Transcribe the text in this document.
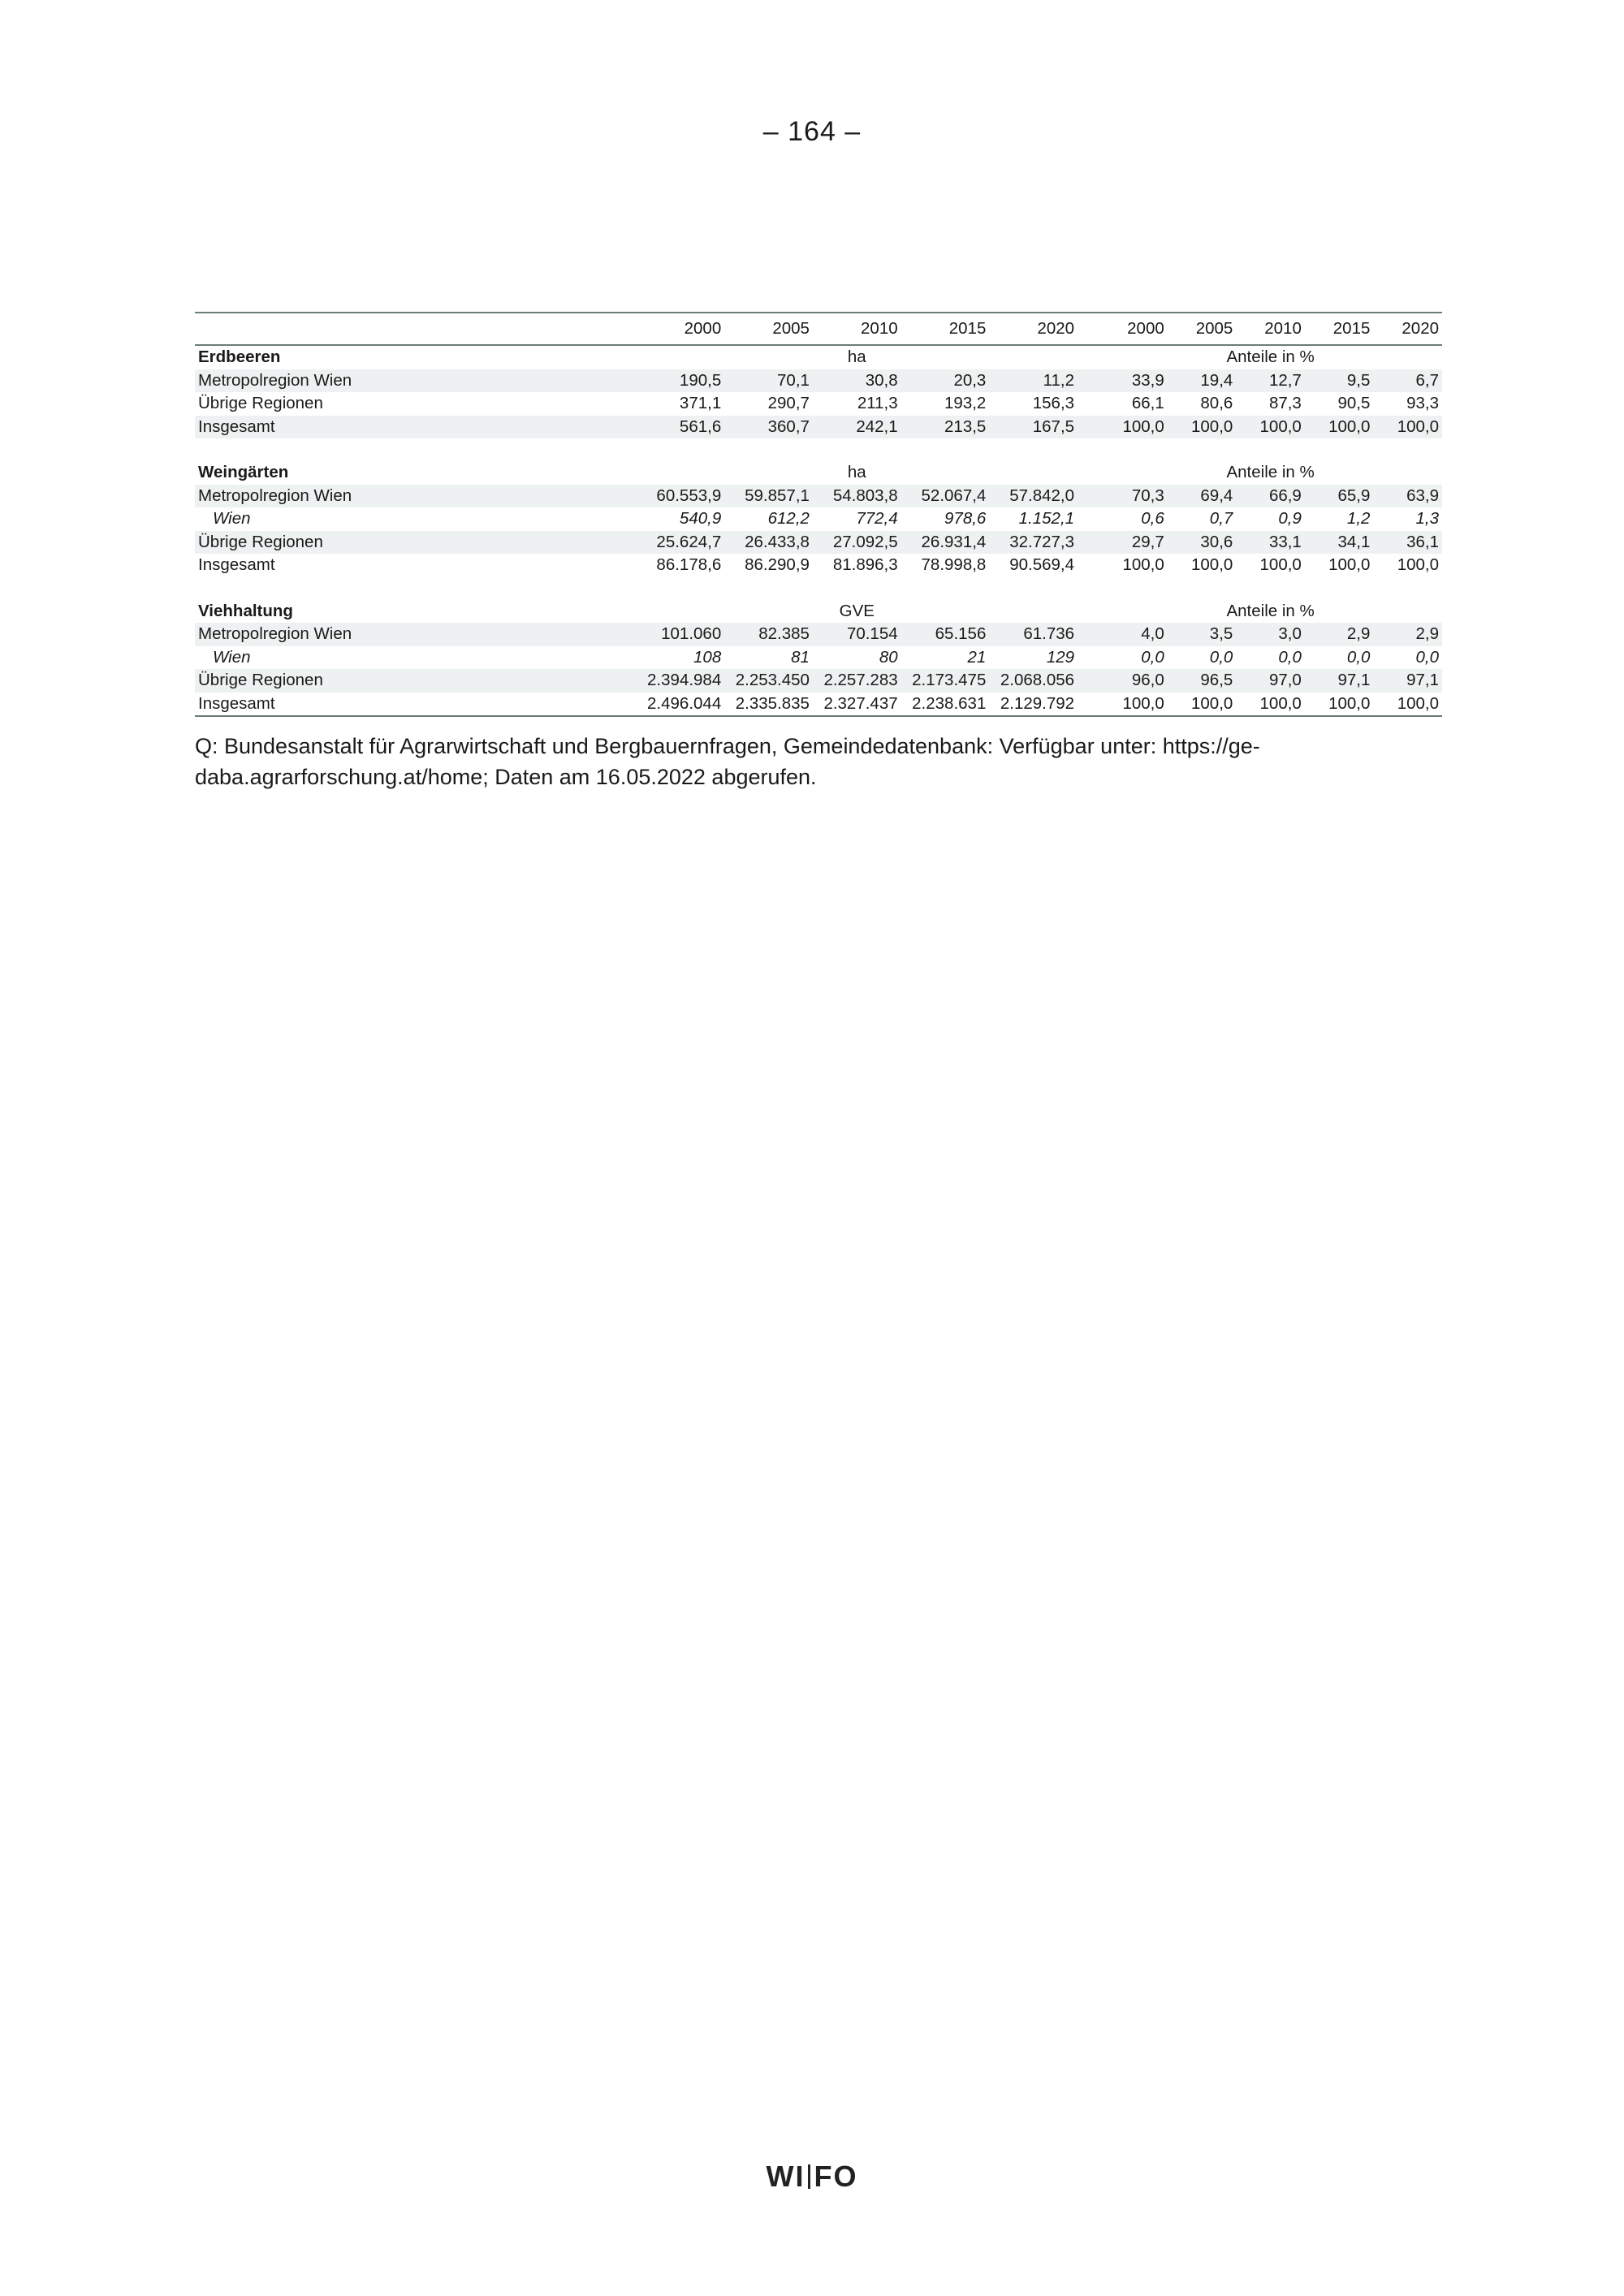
– 164 –
	2000	2005	2010	2015	2020		2000	2005	2010	2015	2020
Erdbeeren	ha						Anteile in %				
Metropolregion Wien	190,5	70,1	30,8	20,3	11,2		33,9	19,4	12,7	9,5	6,7
Übrige Regionen	371,1	290,7	211,3	193,2	156,3		66,1	80,6	87,3	90,5	93,3
Insgesamt	561,6	360,7	242,1	213,5	167,5		100,0	100,0	100,0	100,0	100,0

Weingärten	ha						Anteile in %				
Metropolregion Wien	60.553,9	59.857,1	54.803,8	52.067,4	57.842,0		70,3	69,4	66,9	65,9	63,9
Wien	540,9	612,2	772,4	978,6	1.152,1		0,6	0,7	0,9	1,2	1,3
Übrige Regionen	25.624,7	26.433,8	27.092,5	26.931,4	32.727,3		29,7	30,6	33,1	34,1	36,1
Insgesamt	86.178,6	86.290,9	81.896,3	78.998,8	90.569,4		100,0	100,0	100,0	100,0	100,0

Viehhaltung	GVE						Anteile in %				
Metropolregion Wien	101.060	82.385	70.154	65.156	61.736		4,0	3,5	3,0	2,9	2,9
Wien	108	81	80	21	129		0,0	0,0	0,0	0,0	0,0
Übrige Regionen	2.394.984	2.253.450	2.257.283	2.173.475	2.068.056		96,0	96,5	97,0	97,1	97,1
Insgesamt	2.496.044	2.335.835	2.327.437	2.238.631	2.129.792		100,0	100,0	100,0	100,0	100,0
Q: Bundesanstalt für Agrarwirtschaft und Bergbauernfragen, Gemeindedatenbank: Verfügbar unter: https://ge-daba.agrarforschung.at/home; Daten am 16.05.2022 abgerufen.
WI FO
